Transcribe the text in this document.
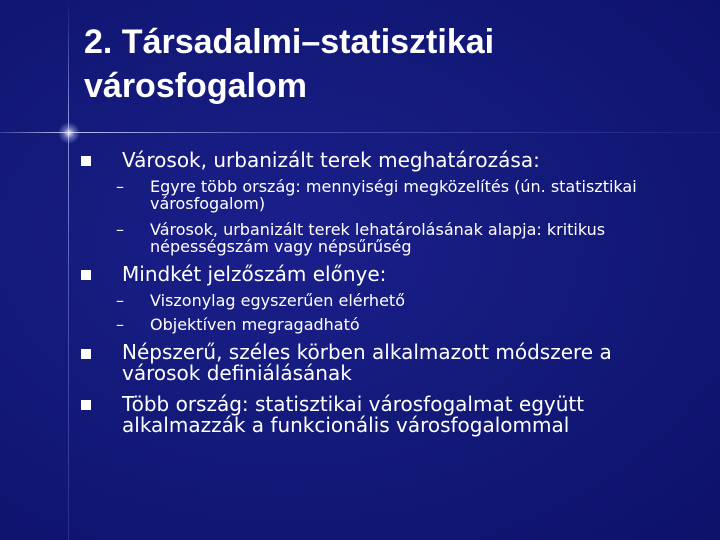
2. Társadalmi–statisztikai
városfogalom
Városok, urbanizált terek meghatározása:
– Egyre több ország: mennyiségi megközelítés (ún. statisztikai
városfogalom)
– Városok, urbanizált terek lehatárolásának alapja: kritikus
népességszám vagy népsűrűség
Mindkét jelzőszám előnye:
– Viszonylag egyszerűen elérhető
– Objektíven megragadható
Népszerű, széles körben alkalmazott módszere a
városok definiálásának
Több ország: statisztikai városfogalmat együtt
alkalmazzák a funkcionális városfogalommal
